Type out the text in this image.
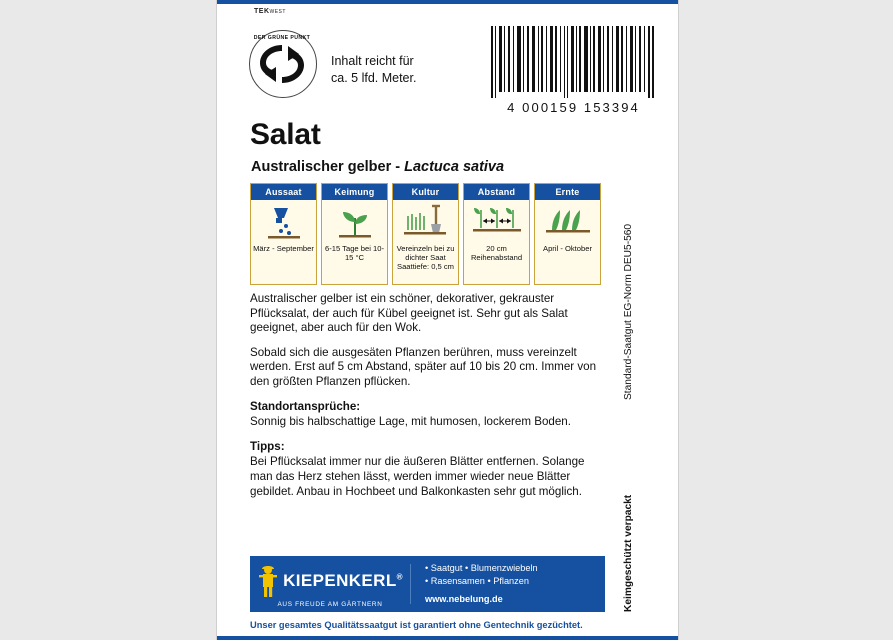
TEKWEST
DER GRÜNE PUNKT
Inhalt reicht für
ca. 5 lfd. Meter.
4 000159 153394
Salat
Australischer gelber - Lactuca sativa
Aussaat
März - September
Keimung
6-15 Tage bei 10-15 °C
Kultur
Vereinzeln bei zu dichter Saat Saattiefe: 0,5 cm
Abstand
20 cm Reihenabstand
Ernte
April - Oktober

Australischer gelber ist ein schöner, dekorativer, gekrauster Pflücksalat, der auch für Kübel geeignet ist. Sehr gut als Salat geeignet, aber auch für den Wok.

Sobald sich die ausgesäten Pflanzen berühren, muss vereinzelt werden. Erst auf 5 cm Abstand, später auf 10 bis 20 cm. Immer von den größten Pflanzen pflücken.

Standortansprüche:

Sonnig bis halbschattige Lage, mit humosen, lockerem Boden.

Tipps:

Bei Pflücksalat immer nur die äußeren Blätter entfernen. Solange man das Herz stehen lässt, werden immer wieder neue Blätter gebildet. Anbau in Hochbeet und Balkonkasten sehr gut möglich.

KIEPENKERL®
AUS FREUDE AM GÄRTNERN
• Saatgut • Blumenzwiebeln
• Rasensamen • Pflanzen
www.nebelung.de
Unser gesamtes Qualitätssaatgut ist garantiert ohne Gentechnik gezüchtet.
Standard-Saatgut EG-Norm DEU5-560
Keimgeschützt verpackt
